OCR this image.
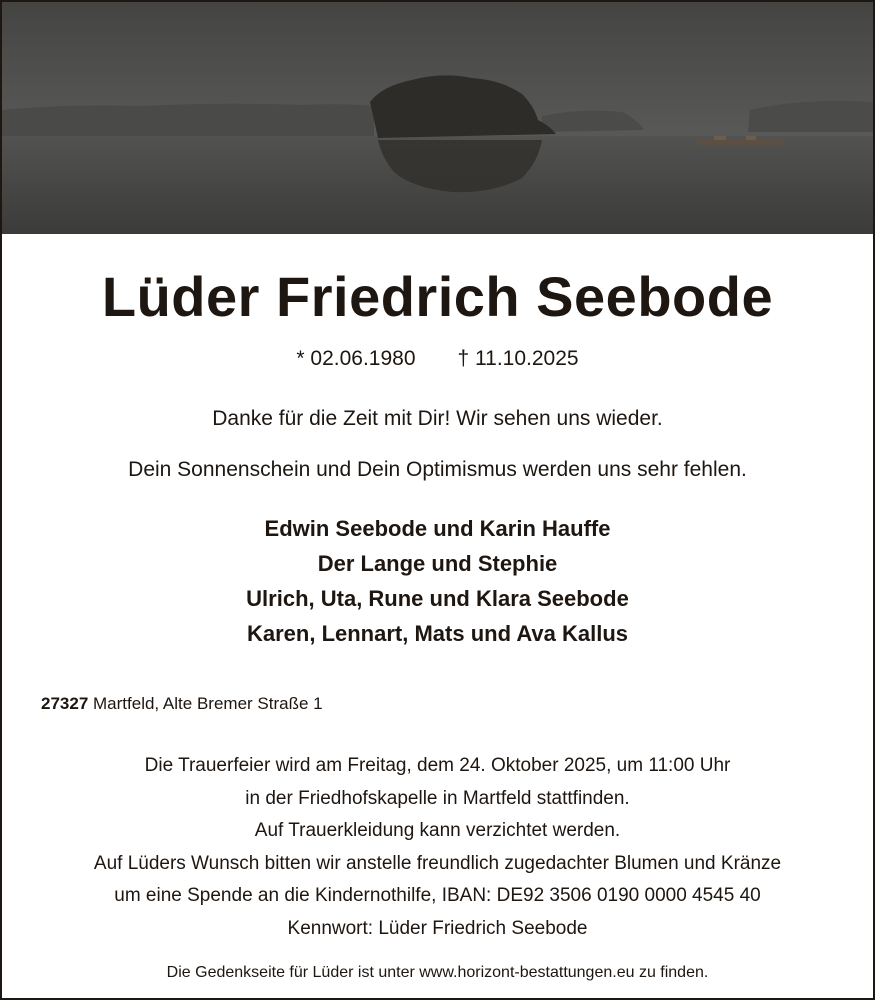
Lüder Friedrich Seebode
* 02.06.1980 † 11.10.2025
Danke für die Zeit mit Dir! Wir sehen uns wieder.
Dein Sonnenschein und Dein Optimismus werden uns sehr fehlen.
Edwin Seebode und Karin Hauffe
Der Lange und Stephie
Ulrich, Uta, Rune und Klara Seebode
Karen, Lennart, Mats und Ava Kallus
27327 Martfeld, Alte Bremer Straße 1
Die Trauerfeier wird am Freitag, dem 24. Oktober 2025, um 11:00 Uhr
in der Friedhofskapelle in Martfeld stattfinden.
Auf Trauerkleidung kann verzichtet werden.
Auf Lüders Wunsch bitten wir anstelle freundlich zugedachter Blumen und Kränze
um eine Spende an die Kindernothilfe, IBAN: DE92 3506 0190 0000 4545 40
Kennwort: Lüder Friedrich Seebode
Die Gedenkseite für Lüder ist unter www.horizont-bestattungen.eu zu finden.
